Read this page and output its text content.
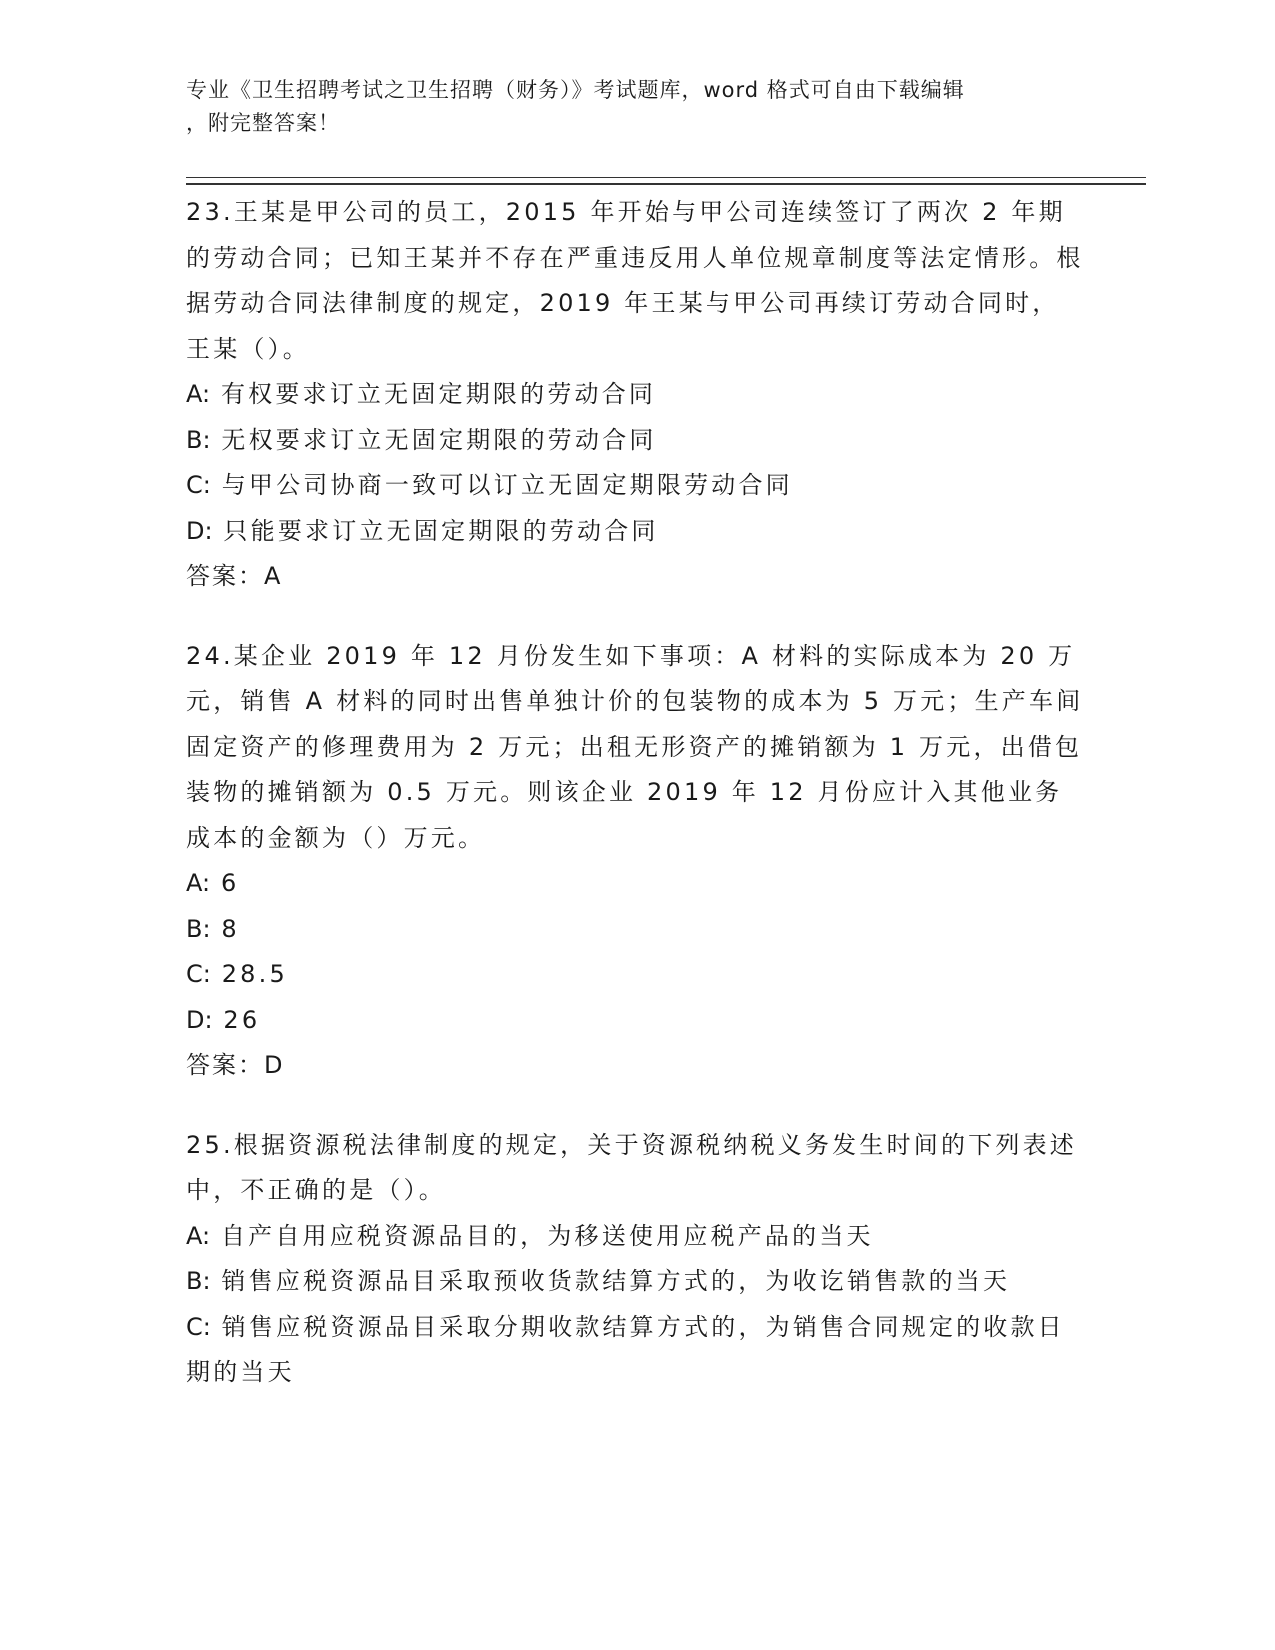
专业《卫生招聘考试之卫生招聘（财务）》考试题库，word 格式可自由下载编辑
，附完整答案！

23.王某是甲公司的员工，2015 年开始与甲公司连续签订了两次 2 年期的劳动合同；已知王某并不存在严重违反用人单位规章制度等法定情形。根据劳动合同法律制度的规定，2019 年王某与甲公司再续订劳动合同时，王某（）。

A: 有权要求订立无固定期限的劳动合同

B: 无权要求订立无固定期限的劳动合同

C: 与甲公司协商一致可以订立无固定期限劳动合同

D: 只能要求订立无固定期限的劳动合同

答案：A

24.某企业 2019 年 12 月份发生如下事项：A 材料的实际成本为 20 万元，销售 A 材料的同时出售单独计价的包装物的成本为 5 万元；生产车间固定资产的修理费用为 2 万元；出租无形资产的摊销额为 1 万元，出借包装物的摊销额为 0.5 万元。则该企业 2019 年 12 月份应计入其他业务成本的金额为（）万元。

A: 6

B: 8

C: 28.5

D: 26

答案：D

25.根据资源税法律制度的规定，关于资源税纳税义务发生时间的下列表述中，不正确的是（）。

A: 自产自用应税资源品目的，为移送使用应税产品的当天

B: 销售应税资源品目采取预收货款结算方式的，为收讫销售款的当天

C: 销售应税资源品目采取分期收款结算方式的，为销售合同规定的收款日期的当天
